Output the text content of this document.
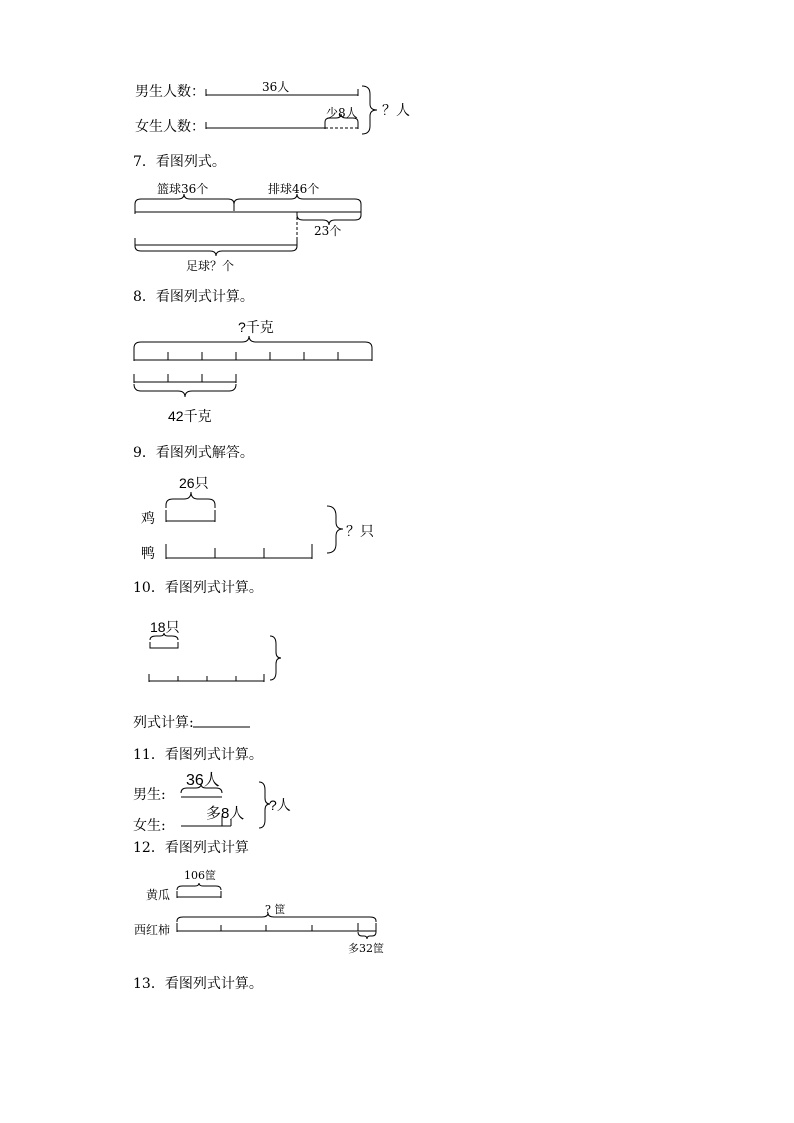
男生人数：
女生人数：
36人
少8人 ？人
7．看图列式。
篮球36个	排球46个
23个
足球？个
8．看图列式计算。
?千克
42千克
9．看图列式解答。
26只
鸡
鸭
？只
10．看图列式计算。
18只
列式计算:
11．看图列式计算。
36人
男生:
女生:
多8人 ?人
12．看图列式计算
106筐
黄瓜
西红柿
? 筐
多32筐
13．看图列式计算。
